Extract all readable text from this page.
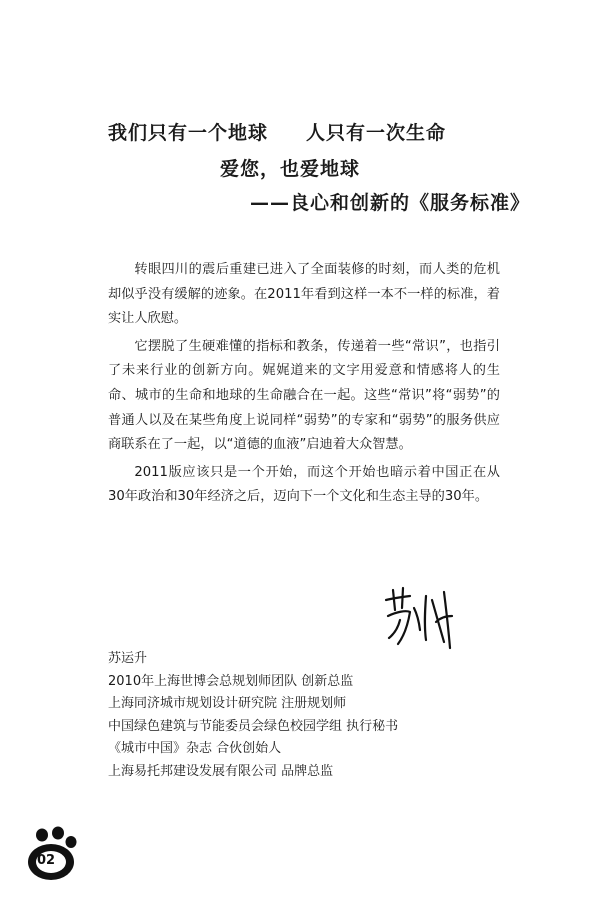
我们只有一个地球 人只有一次生命
爱您，也爱地球
——良心和创新的《服务标准》

转眼四川的震后重建已进入了全面装修的时刻，而人类的危机却似乎没有缓解的迹象。在2011年看到这样一本不一样的标准，着实让人欣慰。

它摆脱了生硬难懂的指标和教条，传递着一些“常识”，也指引了未来行业的创新方向。娓娓道来的文字用爱意和情感将人的生命、城市的生命和地球的生命融合在一起。这些“常识”将“弱势”的普通人以及在某些角度上说同样“弱势”的专家和“弱势”的服务供应商联系在了一起，以“道德的血液”启迪着大众智慧。

2011版应该只是一个开始，而这个开始也暗示着中国正在从30年政治和30年经济之后，迈向下一个文化和生态主导的30年。

苏运升
2010年上海世博会总规划师团队 创新总监
上海同济城市规划设计研究院 注册规划师
中国绿色建筑与节能委员会绿色校园学组 执行秘书
《城市中国》杂志 合伙创始人
上海易托邦建设发展有限公司 品牌总监
02
